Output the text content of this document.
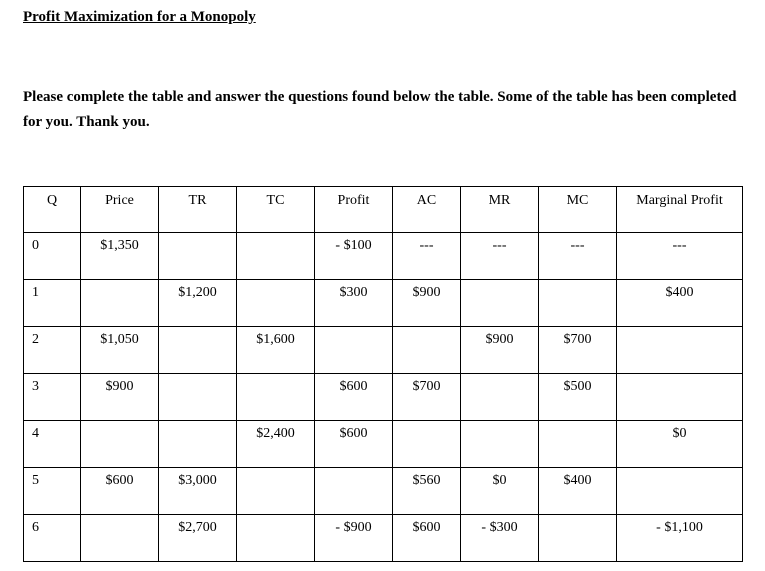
Profit Maximization for a Monopoly
Please complete the table and answer the questions found below the table. Some of the table has been completed for you. Thank you.
Q	Price	TR	TC	Profit	AC	MR	MC	Marginal Profit
0	$1,350			- $100	---	---	---	---
1		$1,200		$300	$900			$400
2	$1,050		$1,600			$900	$700	
3	$900			$600	$700		$500	
4			$2,400	$600				$0
5	$600	$3,000			$560	$0	$400	
6		$2,700		- $900	$600	- $300		- $1,100
